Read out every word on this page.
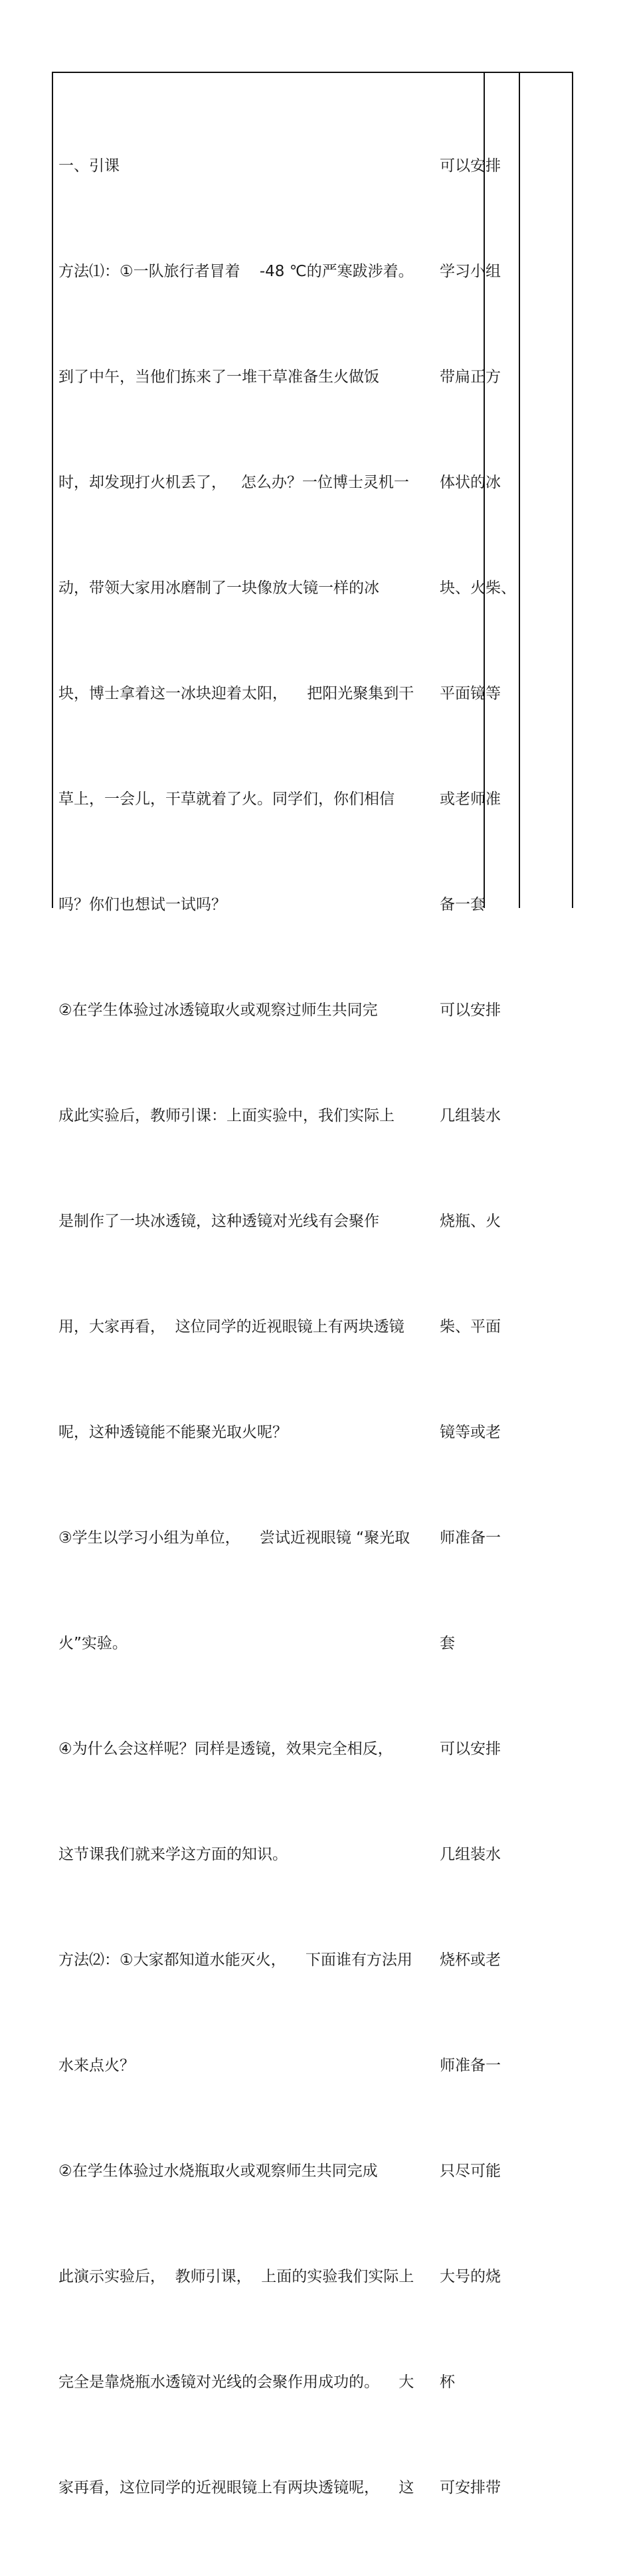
一、引课

方法⑴：①一队旅行者冒着    -48 ℃的严寒跋涉着。

到了中午，当他们拣来了一堆干草准备生火做饭

时，却发现打火机丢了，   怎么办？一位博士灵机一

动，带领大家用冰磨制了一块像放大镜一样的冰

块，博士拿着这一冰块迎着太阳，    把阳光聚集到干

草上，一会儿，干草就着了火。同学们，你们相信

吗？你们也想试一试吗？

②在学生体验过冰透镜取火或观察过师生共同完

成此实验后，教师引课：上面实验中，我们实际上

是制作了一块冰透镜，这种透镜对光线有会聚作

用，大家再看，  这位同学的近视眼镜上有两块透镜

呢，这种透镜能不能聚光取火呢？

③学生以学习小组为单位，    尝试近视眼镜 “聚光取

火”实验。

④为什么会这样呢？同样是透镜，效果完全相反，

这节课我们就来学这方面的知识。

方法⑵：①大家都知道水能灭火，    下面谁有方法用

水来点火？

②在学生体验过水烧瓶取火或观察师生共同完成

此演示实验后，  教师引课，  上面的实验我们实际上

完全是靠烧瓶水透镜对光线的会聚作用成功的。    大

家再看，这位同学的近视眼镜上有两块透镜呢，    这

可以安排

学习小组

带扁正方

体状的冰

块、火柴、

平面镜等

或老师准

备一套

可以安排

几组装水

烧瓶、火

柴、平面

镜等或老

师准备一

套

可以安排

几组装水

烧杯或老

师准备一

只尽可能

大号的烧

杯

可安排带
